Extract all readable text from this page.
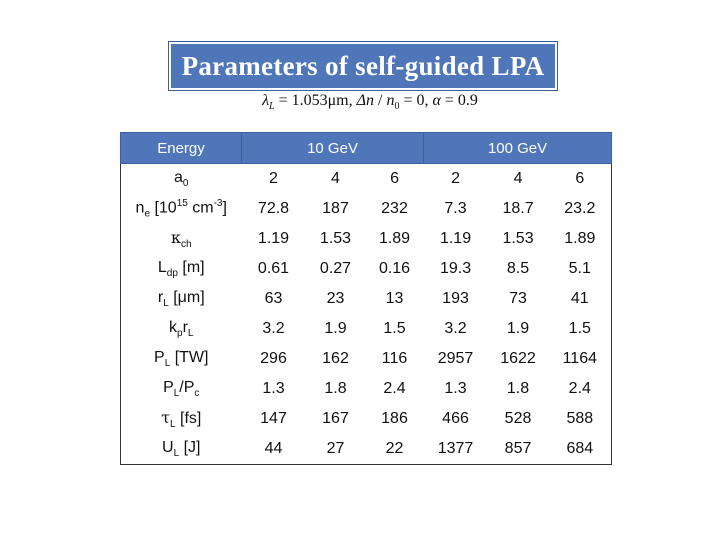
Parameters of self-guided LPA
$\lambda_L = 1.053\mu m$, $\Delta n / n_0 = 0$, α = 0.9
Energy	10 GeV			100 GeV		
$a_0$	2	4	6	2	4	6
$n_e$ [$10^{15}$ $cm^{-3}$]	72.8	187	232	7.3	18.7	23.2
$\kappa_{ch}$	1.19	1.53	1.89	1.19	1.53	1.89
$L_{dp}$ [m]	0.61	0.27	0.16	19.3	8.5	5.1
$r_L$ [μm]	63	23	13	193	73	41
$k_pr_L$	3.2	1.9	1.5	3.2	1.9	1.5
$P_L$ [TW]	296	162	116	2957	1622	1164
$P_L/P_c$	1.3	1.8	2.4	1.3	1.8	2.4
$\tau_L$ [fs]	147	167	186	466	528	588
$U_L$ [J]	44	27	22	1377	857	684
